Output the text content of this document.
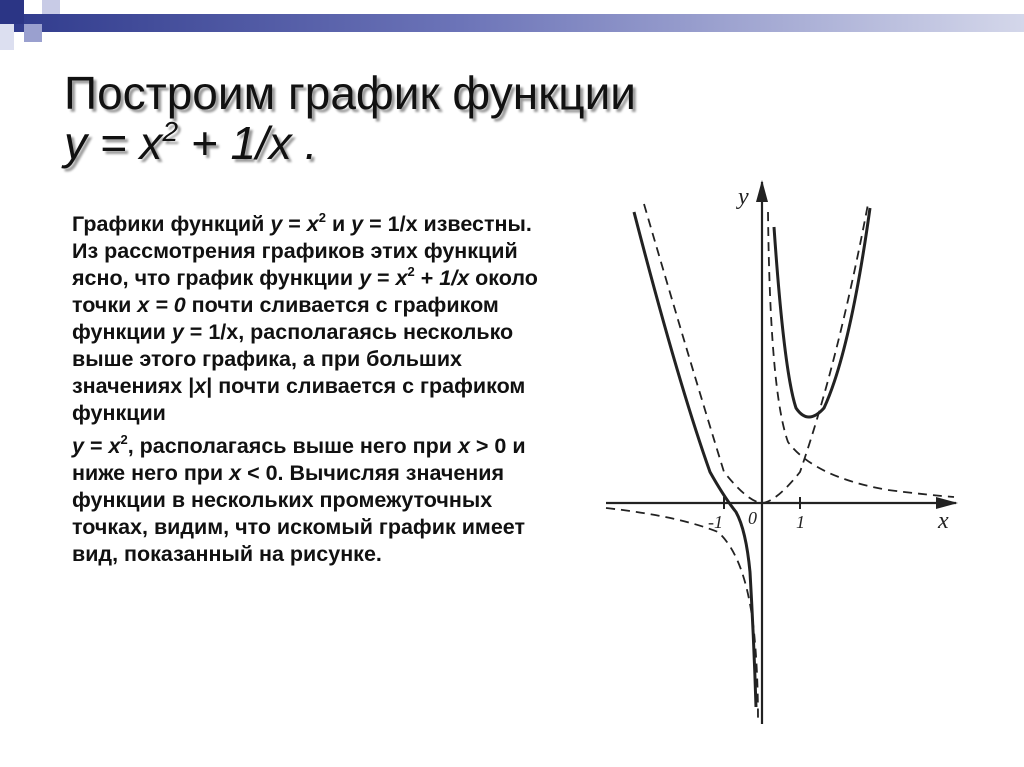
Построим график функции
$y = x^2 + 1/x$ .

Графики функций $y = x^2$ и y = 1/x известны. Из рассмотрения графиков этих функций ясно, что график функции $y = x^2 + 1/x$ около точки x = 0 почти сливается с графиком функции y = 1/x, располагаясь несколько выше этого графика, а при больших значениях |x| почти сливается с графиком функции

$y = x^2$, располагаясь выше него при x > 0 и ниже него при x < 0. Вычисляя значения функции в нескольких промежуточных точках, видим, что искомый график имеет вид, показанный на рисунке.

y
x
-1 0 1
